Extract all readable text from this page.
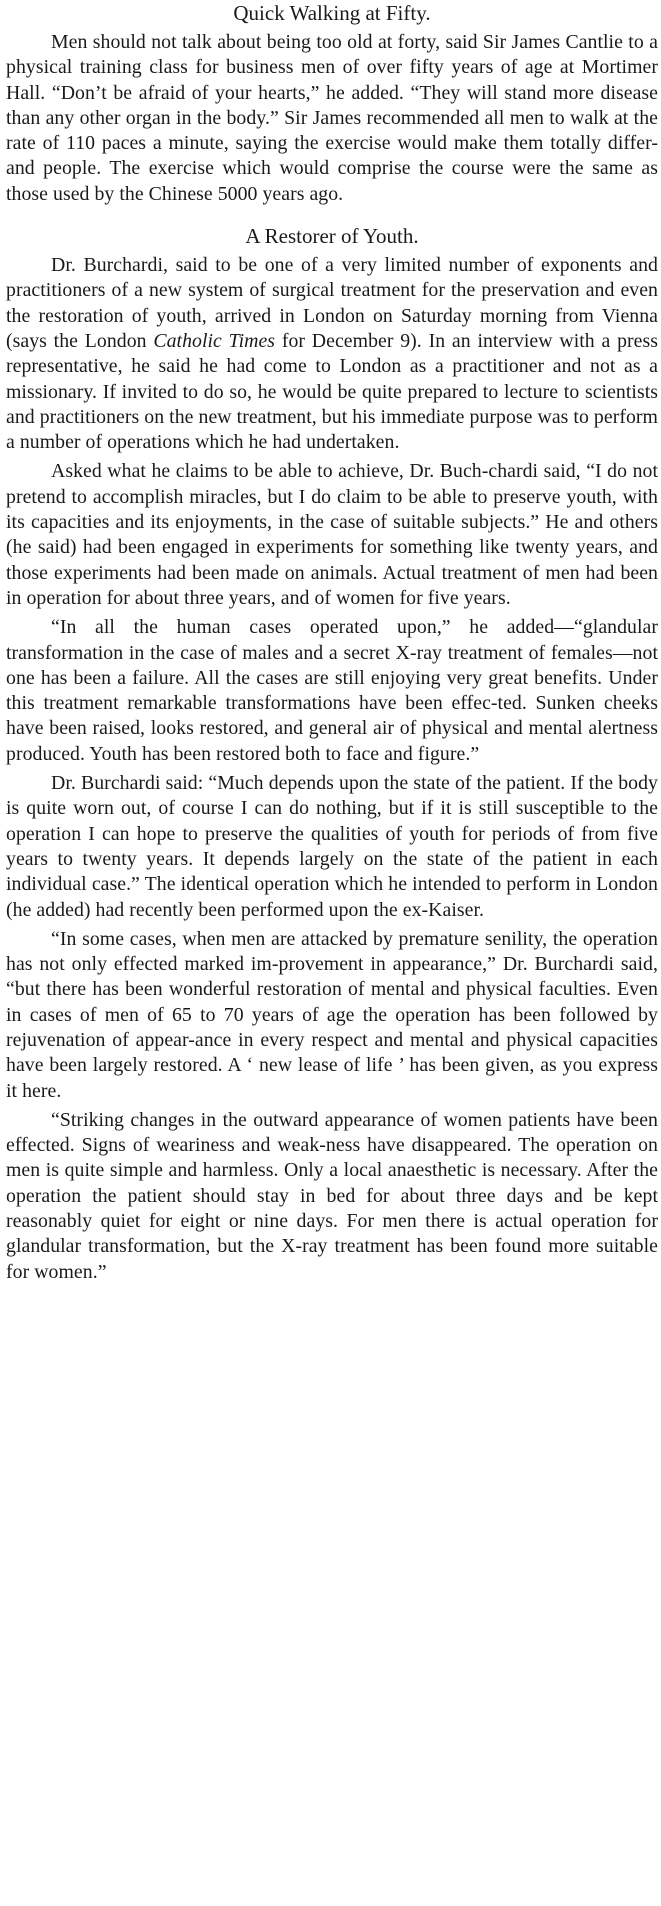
Quick Walking at Fifty.

Men should not talk about being too old at forty, said Sir James Cantlie to a physical training class for business men of over fifty years of age at Mortimer Hall. “Don’t be afraid of your hearts,” he added. “They will stand more disease than any other organ in the body.” Sir James recommended all men to walk at the rate of 110 paces a minute, saying the exercise would make them totally differ-and people. The exercise which would comprise the course were the same as those used by the Chinese 5000 years ago.

A Restorer of Youth.

Dr. Burchardi, said to be one of a very limited number of exponents and practitioners of a new system of surgical treatment for the preservation and even the restoration of youth, arrived in London on Saturday morning from Vienna (says the London Catholic Times for December 9). In an interview with a press representative, he said he had come to London as a practitioner and not as a missionary. If invited to do so, he would be quite prepared to lecture to scientists and practitioners on the new treatment, but his immediate purpose was to perform a number of operations which he had undertaken.

Asked what he claims to be able to achieve, Dr. Buch-chardi said, “I do not pretend to accomplish miracles, but I do claim to be able to preserve youth, with its capacities and its enjoyments, in the case of suitable subjects.” He and others (he said) had been engaged in experiments for something like twenty years, and those experiments had been made on animals. Actual treatment of men had been in operation for about three years, and of women for five years.

“In all the human cases operated upon,” he added—“glandular transformation in the case of males and a secret X-ray treatment of females—not one has been a failure. All the cases are still enjoying very great benefits. Under this treatment remarkable transformations have been effec-ted. Sunken cheeks have been raised, looks restored, and general air of physical and mental alertness produced. Youth has been restored both to face and figure.”

Dr. Burchardi said: “Much depends upon the state of the patient. If the body is quite worn out, of course I can do nothing, but if it is still susceptible to the operation I can hope to preserve the qualities of youth for periods of from five years to twenty years. It depends largely on the state of the patient in each individual case.” The identical operation which he intended to perform in London (he added) had recently been performed upon the ex-Kaiser.

“In some cases, when men are attacked by premature senility, the operation has not only effected marked im-provement in appearance,” Dr. Burchardi said, “but there has been wonderful restoration of mental and physical faculties. Even in cases of men of 65 to 70 years of age the operation has been followed by rejuvenation of appear-ance in every respect and mental and physical capacities have been largely restored. A ‘ new lease of life ’ has been given, as you express it here.

“Striking changes in the outward appearance of women patients have been effected. Signs of weariness and weak-ness have disappeared. The operation on men is quite simple and harmless. Only a local anaesthetic is necessary. After the operation the patient should stay in bed for about three days and be kept reasonably quiet for eight or nine days. For men there is actual operation for glandular transformation, but the X-ray treatment has been found more suitable for women.”
